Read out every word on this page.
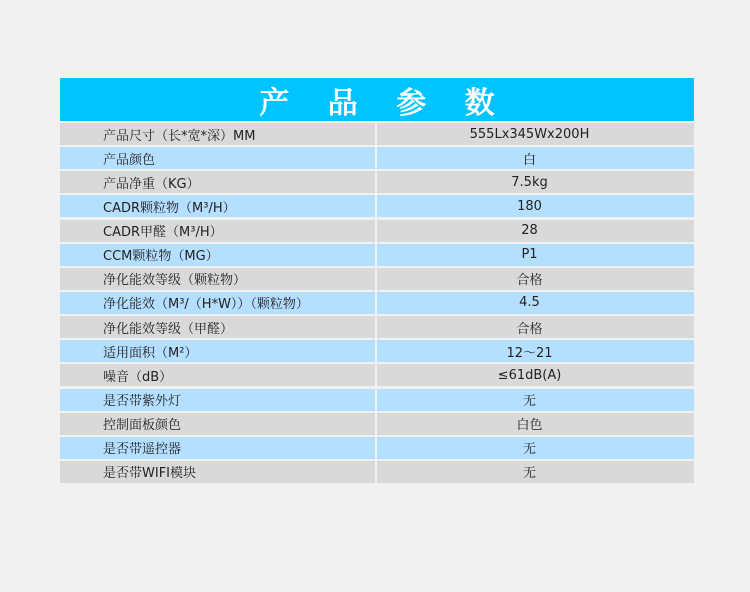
产 品 参 数
产品尺寸（长*宽*深）MM	555Lx345Wx200H
产品颜色	白
产品净重（KG）	7.5kg
CADR颗粒物（M³/H）	180
CADR甲醛（M³/H）	28
CCM颗粒物（MG）	P1
净化能效等级（颗粒物）	合格
净化能效（M³/（H*W））（颗粒物）	4.5
净化能效等级（甲醛）	合格
适用面积（M²）	12～21
噪音（dB）	≤61dB(A)
是否带紫外灯	无
控制面板颜色	白色
是否带遥控器	无
是否带WIFI模块	无
